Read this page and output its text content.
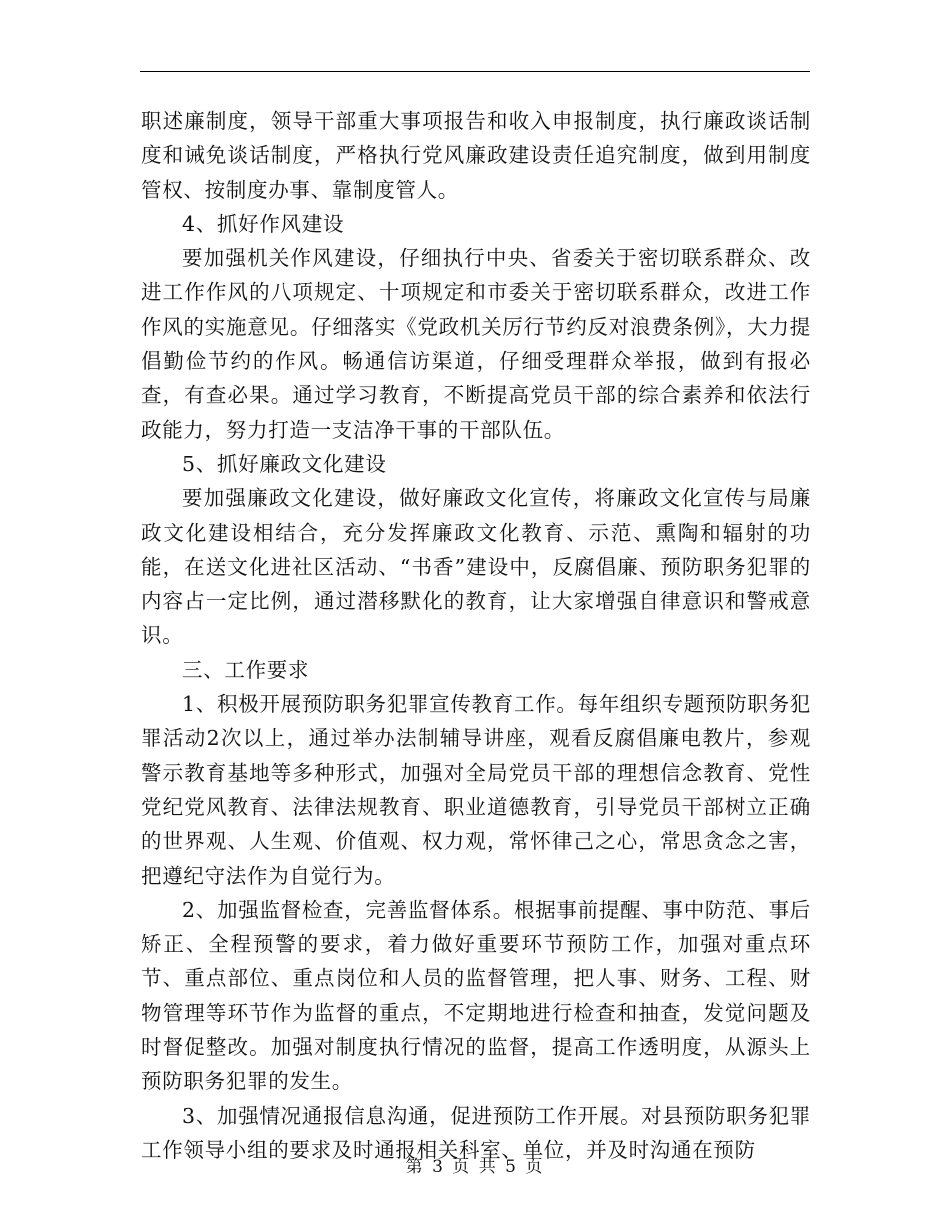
职述廉制度，领导干部重大事项报告和收入申报制度，执行廉政谈话制度和诫免谈话制度，严格执行党风廉政建设责任追究制度，做到用制度管权、按制度办事、靠制度管人。

4、抓好作风建设

要加强机关作风建设，仔细执行中央、省委关于密切联系群众、改进工作作风的八项规定、十项规定和市委关于密切联系群众，改进工作作风的实施意见。仔细落实《党政机关厉行节约反对浪费条例》，大力提倡勤俭节约的作风。畅通信访渠道，仔细受理群众举报，做到有报必查，有查必果。通过学习教育，不断提高党员干部的综合素养和依法行政能力，努力打造一支洁净干事的干部队伍。

5、抓好廉政文化建设

要加强廉政文化建设，做好廉政文化宣传，将廉政文化宣传与局廉政文化建设相结合，充分发挥廉政文化教育、示范、熏陶和辐射的功能，在送文化进社区活动、“书香”建设中，反腐倡廉、预防职务犯罪的内容占一定比例，通过潜移默化的教育，让大家增强自律意识和警戒意识。

三、工作要求

1、积极开展预防职务犯罪宣传教育工作。每年组织专题预防职务犯罪活动2次以上，通过举办法制辅导讲座，观看反腐倡廉电教片，参观警示教育基地等多种形式，加强对全局党员干部的理想信念教育、党性党纪党风教育、法律法规教育、职业道德教育，引导党员干部树立正确的世界观、人生观、价值观、权力观，常怀律己之心，常思贪念之害，把遵纪守法作为自觉行为。

2、加强监督检查，完善监督体系。根据事前提醒、事中防范、事后矫正、全程预警的要求，着力做好重要环节预防工作，加强对重点环节、重点部位、重点岗位和人员的监督管理，把人事、财务、工程、财物管理等环节作为监督的重点，不定期地进行检查和抽查，发觉问题及时督促整改。加强对制度执行情况的监督，提高工作透明度，从源头上预防职务犯罪的发生。

3、加强情况通报信息沟通，促进预防工作开展。对县预防职务犯罪工作领导小组的要求及时通报相关科室、单位，并及时沟通在预防

第 3 页 共 5 页
